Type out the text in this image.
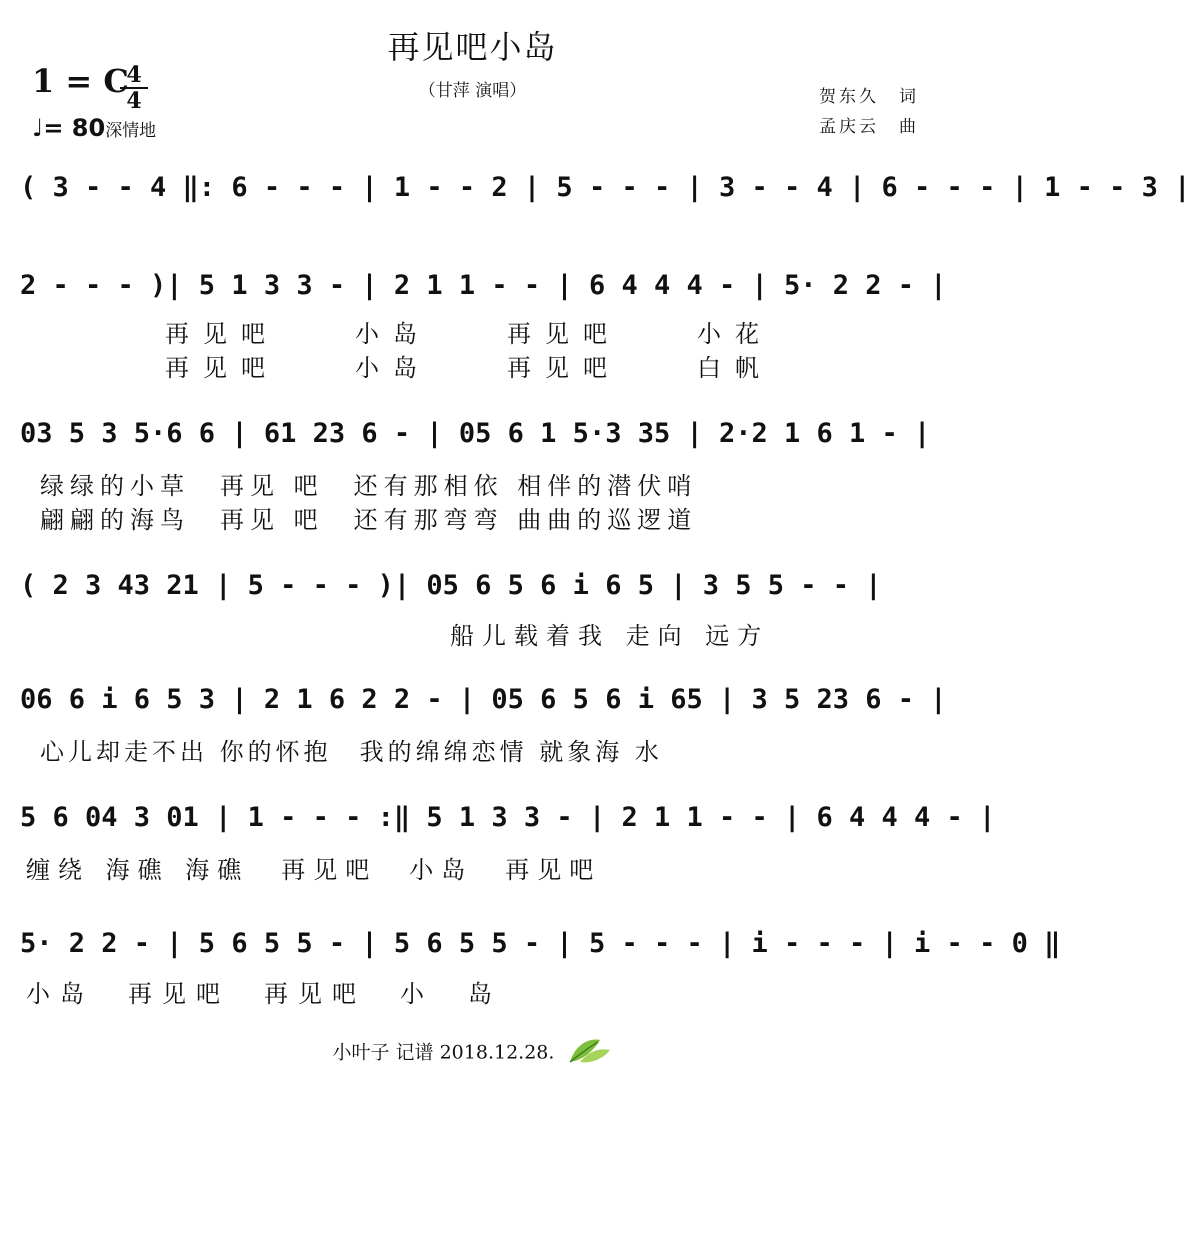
再见吧小岛
（甘萍 演唱）
1 = C
4
4
♩= 80深情地
贺东久　词
孟庆云　曲
( 3 - - 4 ‖: 6 - - - | 1 - - 2 | 5 - - - | 3 - - 4 | 6 - - - | 1 - - 3 |
2 - - - )| 5 1 3 3 - | 2 1 1 - - | 6 4 4 4 - | 5· 2 2 - |
再见吧　　小岛　　再见吧　　小花
再见吧　　小岛　　再见吧　　白帆
03 5 3 5·6 6 | 61 23 6 - | 05 6 1 5·3 35 | 2·2 1 6 1 - |
绿绿的小草　再见 吧　还有那相依 相伴的潜伏哨
翩翩的海鸟　再见 吧　还有那弯弯 曲曲的巡逻道
( 2 3 43 21 | 5 - - - )| 05 6 5 6 i 6 5 | 3 5 5 - - |
船儿载着我 走向 远方
06 6 i 6 5 3 | 2 1 6 2 2 - | 05 6 5 6 i 65 | 3 5 23 6 - |
心儿却走不出 你的怀抱　我的绵绵恋情 就象海 水
5 6 04 3 01 | 1 - - - :‖ 5 1 3 3 - | 2 1 1 - - | 6 4 4 4 - |
缠绕 海礁 海礁　再见吧　小岛　再见吧
5· 2 2 - | 5 6 5 5 - | 5 6 5 5 - | 5 - - - | i - - - | i - - 0 ‖
小岛　再见吧　再见吧　小　岛
小叶子 记谱 2018.12.28.
